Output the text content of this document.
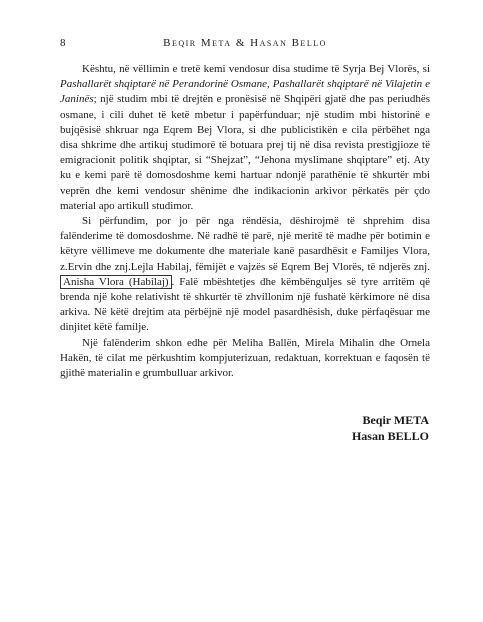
8	Beqir Meta & Hasan Bello

Kështu, në vëllimin e tretë kemi vendosur disa studime të Syrja Bej Vlorës, si Pashallarët shqiptarë në Perandorinë Osmane, Pashallarët shqiptarë në Vilajetin e Janinës; një studim mbi të drejtën e pronësisë në Shqipëri gjatë dhe pas periudhës osmane, i cili duhet të ketë mbetur i papërfunduar; një studim mbi historinë e bujqësisë shkruar nga Eqrem Bej Vlora, si dhe publicistikën e cila përbëhet nga disa shkrime dhe artikuj studimorë të botuara prej tij në disa revista prestigjioze të emigracionit politik shqiptar, si “Shejzat”, “Jehona myslimane shqiptare” etj. Aty ku e kemi parë të domosdoshme kemi hartuar ndonjë parathënie të shkurtër mbi veprën dhe kemi vendosur shënime dhe indikacionin arkivor përkatës për çdo material apo artikull studimor.

Si përfundim, por jo për nga rëndësia, dëshirojmë të shprehim disa falënderime të domosdoshme. Në radhë të parë, një meritë të madhe për botimin e këtyre vëllimeve me dokumente dhe materiale kanë pasardhësit e Familjes Vlora, z.Ervin dhe znj.Lejla Habilaj, fëmijët e vajzës së Eqrem Bej Vlorës, të ndjerës znj. Anisha Vlora (Habilaj) . Falë mbështetjes dhe këmbënguljes së tyre arritëm që brenda një kohe relativisht të shkurtër të zhvillonim një fushatë kërkimore në disa arkiva. Në këtë drejtim ata përbëjnë një model pasardhësish, duke përfaqësuar me dinjitet këtë familje.

Një falënderim shkon edhe për Meliha Ballën, Mirela Mihalin dhe Ornela Hakën, të cilat me përkushtim kompjuterizuan, redaktuan, korrektuan e faqosën të gjithë materialin e grumbulluar arkivor.

Beqir META
Hasan BELLO
